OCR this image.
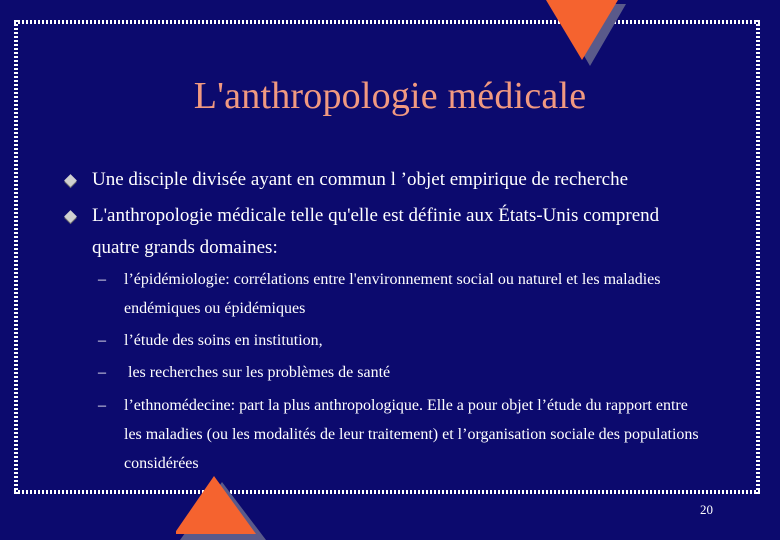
L'anthropologie médicale
Une disciple divisée ayant en commun l ’objet empirique de recherche
L'anthropologie médicale telle qu'elle est définie aux États-Unis comprend quatre grands domaines:
– l’épidémiologie: corrélations entre l'environnement social ou naturel et les maladies endémiques ou épidémiques
– l’étude des soins en institution,
– les recherches sur les problèmes de santé
– l’ethnomédecine: part la plus anthropologique. Elle a pour objet l’étude du rapport entre les maladies (ou les modalités de leur traitement) et l’organisation sociale des populations considérées
20
